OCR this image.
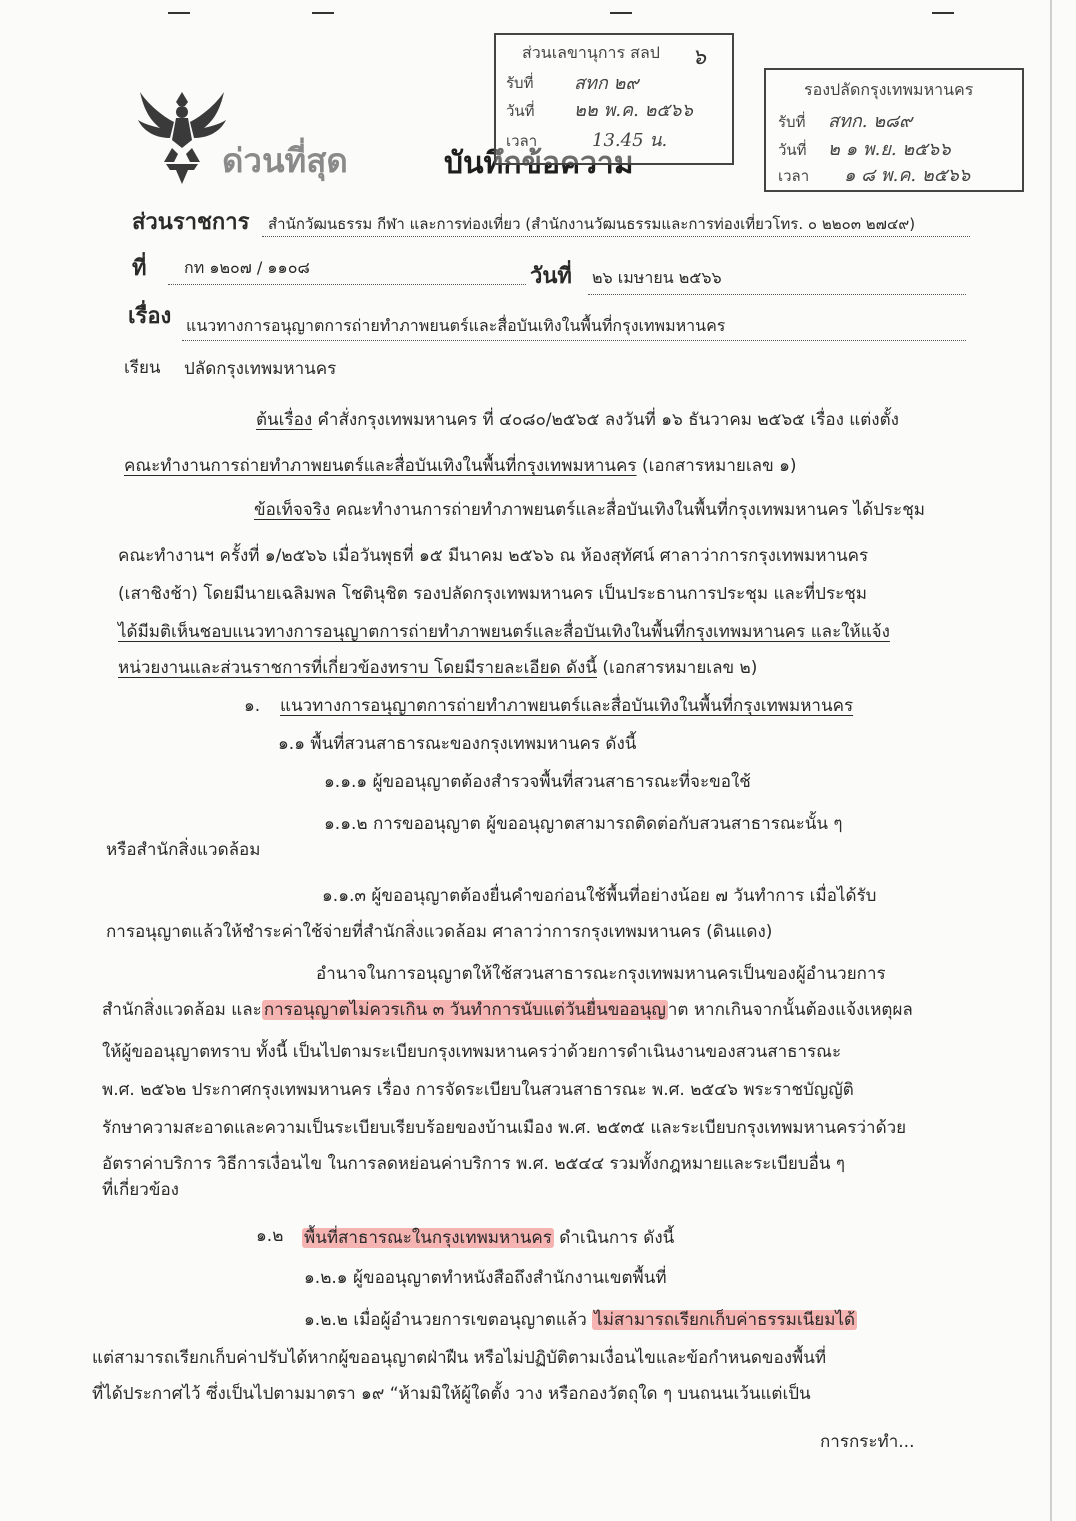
ด่วนที่สุด	บันทึกข้อความ
ส่วนเลขานุการ สลป ๖
รับที่ สทก ๒๙
วันที่ ๒๒ พ.ค. ๒๕๖๖
เวลา	13.45 น.
รองปลัดกรุงเทพมหานคร
รับที่ สทก. ๒๘๙
วันที่ ๒ ๑ พ.ย. ๒๕๖๖
เวลา ๑ ๘ พ.ค. ๒๕๖๖
ส่วนราชการ สำนักวัฒนธรรม กีฬา และการท่องเที่ยว (สำนักงานวัฒนธรรมและการท่องเที่ยวโทร. ๐ ๒๒๐๓ ๒๗๔๙)
ที่ กท ๑๒๐๗ / ๑๑๐๘	วันที่ ๒๖ เมษายน ๒๕๖๖
เรื่อง แนวทางการอนุญาตการถ่ายทำภาพยนตร์และสื่อบันเทิงในพื้นที่กรุงเทพมหานคร
เรียน ปลัดกรุงเทพมหานคร
ต้นเรื่อง คำสั่งกรุงเทพมหานคร ที่ ๔๐๘๐/๒๕๖๕ ลงวันที่ ๑๖ ธันวาคม ๒๕๖๕ เรื่อง แต่งตั้ง
คณะทำงานการถ่ายทำภาพยนตร์และสื่อบันเทิงในพื้นที่กรุงเทพมหานคร (เอกสารหมายเลข ๑)
ข้อเท็จจริง คณะทำงานการถ่ายทำภาพยนตร์และสื่อบันเทิงในพื้นที่กรุงเทพมหานคร ได้ประชุม
คณะทำงานฯ ครั้งที่ ๑/๒๕๖๖ เมื่อวันพุธที่ ๑๕ มีนาคม ๒๕๖๖ ณ ห้องสุทัศน์ ศาลาว่าการกรุงเทพมหานคร
(เสาชิงช้า) โดยมีนายเฉลิมพล โชตินุชิต รองปลัดกรุงเทพมหานคร เป็นประธานการประชุม และที่ประชุม
ได้มีมติเห็นชอบแนวทางการอนุญาตการถ่ายทำภาพยนตร์และสื่อบันเทิงในพื้นที่กรุงเทพมหานคร และให้แจ้ง
หน่วยงานและส่วนราชการที่เกี่ยวข้องทราบ โดยมีรายละเอียด ดังนี้ (เอกสารหมายเลข ๒)
๑. แนวทางการอนุญาตการถ่ายทำภาพยนตร์และสื่อบันเทิงในพื้นที่กรุงเทพมหานคร
๑.๑ พื้นที่สวนสาธารณะของกรุงเทพมหานคร ดังนี้
๑.๑.๑ ผู้ขออนุญาตต้องสำรวจพื้นที่สวนสาธารณะที่จะขอใช้
๑.๑.๒ การขออนุญาต ผู้ขออนุญาตสามารถติดต่อกับสวนสาธารณะนั้น ๆ
หรือสำนักสิ่งแวดล้อม
๑.๑.๓ ผู้ขออนุญาตต้องยื่นคำขอก่อนใช้พื้นที่อย่างน้อย ๗ วันทำการ เมื่อได้รับ
การอนุญาตแล้วให้ชำระค่าใช้จ่ายที่สำนักสิ่งแวดล้อม ศาลาว่าการกรุงเทพมหานคร (ดินแดง)
อำนาจในการอนุญาตให้ใช้สวนสาธารณะกรุงเทพมหานครเป็นของผู้อำนวยการ
สำนักสิ่งแวดล้อม และ การอนุญาตไม่ควรเกิน ๓ วันทำการนับแต่วันยื่นขออนุญ าต หากเกินจากนั้นต้องแจ้งเหตุผล
ให้ผู้ขออนุญาตทราบ ทั้งนี้ เป็นไปตามระเบียบกรุงเทพมหานครว่าด้วยการดำเนินงานของสวนสาธารณะ
พ.ศ. ๒๕๖๒ ประกาศกรุงเทพมหานคร เรื่อง การจัดระเบียบในสวนสาธารณะ พ.ศ. ๒๕๔๖ พระราชบัญญัติ
รักษาความสะอาดและความเป็นระเบียบเรียบร้อยของบ้านเมือง พ.ศ. ๒๕๓๕ และระเบียบกรุงเทพมหานครว่าด้วย
อัตราค่าบริการ วิธีการเงื่อนไข ในการลดหย่อนค่าบริการ พ.ศ. ๒๕๔๔ รวมทั้งกฎหมายและระเบียบอื่น ๆ
ที่เกี่ยวข้อง
๑.๒ พื้นที่สาธารณะในกรุงเทพมหานคร ดำเนินการ ดังนี้
๑.๒.๑ ผู้ขออนุญาตทำหนังสือถึงสำนักงานเขตพื้นที่
๑.๒.๒ เมื่อผู้อำนวยการเขตอนุญาตแล้ว ไม่สามารถเรียกเก็บค่าธรรมเนียมได้
แต่สามารถเรียกเก็บค่าปรับได้หากผู้ขออนุญาตฝ่าฝืน หรือไม่ปฏิบัติตามเงื่อนไขและข้อกำหนดของพื้นที่
ที่ได้ประกาศไว้ ซึ่งเป็นไปตามมาตรา ๑๙ “ห้ามมิให้ผู้ใดตั้ง วาง หรือกองวัตถุใด ๆ บนถนนเว้นแต่เป็น
การกระทำ...
